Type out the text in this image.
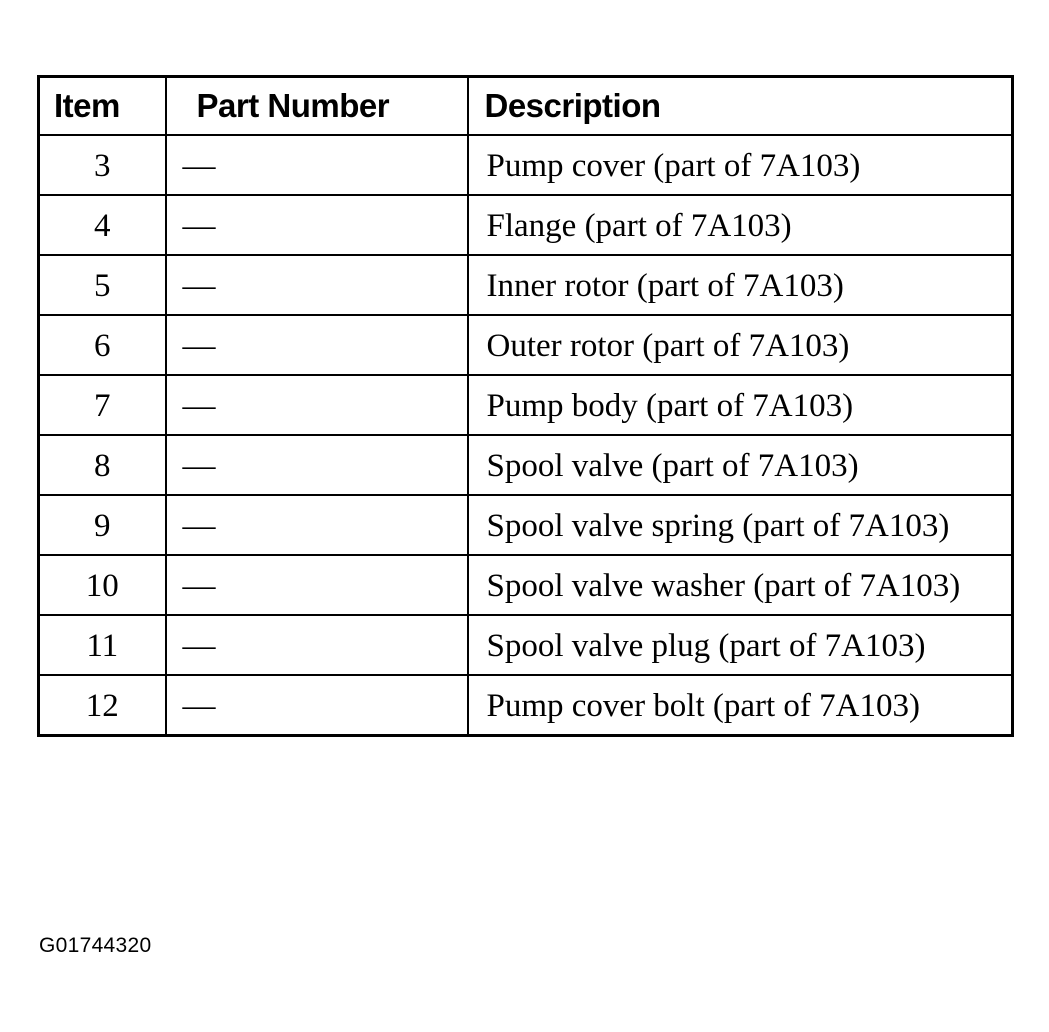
Item	Part Number	Description
3	—	Pump cover (part of 7A103)
4	—	Flange (part of 7A103)
5	—	Inner rotor (part of 7A103)
6	—	Outer rotor (part of 7A103)
7	—	Pump body (part of 7A103)
8	—	Spool valve (part of 7A103)
9	—	Spool valve spring (part of 7A103)
10	—	Spool valve washer (part of 7A103)
11	—	Spool valve plug (part of 7A103)
12	—	Pump cover bolt (part of 7A103)
G01744320
